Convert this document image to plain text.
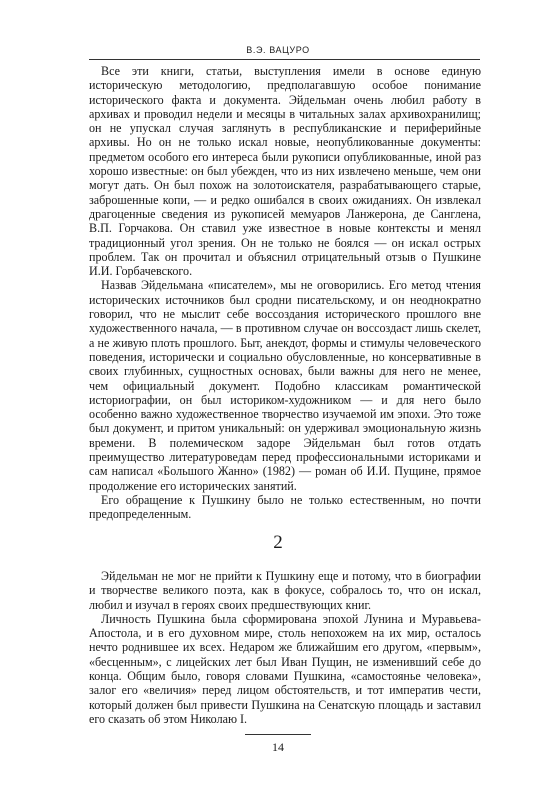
В.Э. ВАЦУРО

Все эти книги, статьи, выступления имели в основе единую историческую методологию, предполагавшую особое понимание исторического факта и документа. Эйдельман очень любил работу в архивах и проводил недели и месяцы в читальных залах архивохранилищ; он не упускал случая заглянуть в республиканские и периферийные архивы. Но он не только искал новые, неопубликованные документы: предметом особого его интереса были рукописи опубликованные, иной раз хорошо известные: он был убежден, что из них извлечено меньше, чем они могут дать. Он был похож на золотоискателя, разрабатывающего старые, заброшенные копи, — и редко ошибался в своих ожиданиях. Он извлекал драгоценные сведения из рукописей мемуаров Ланжерона, де Санглена, В.П. Горчакова. Он ставил уже известное в новые контексты и менял традиционный угол зрения. Он не только не боялся — он искал острых проблем. Так он прочитал и объяснил отрицательный отзыв о Пушкине И.И. Горбачевского.

Назвав Эйдельмана «писателем», мы не оговорились. Его метод чтения исторических источников был сродни писательскому, и он неоднократно говорил, что не мыслит себе воссоздания исторического прошлого вне художественного начала, — в противном случае он воссоздаст лишь скелет, а не живую плоть прошлого. Быт, анекдот, формы и стимулы человеческого поведения, исторически и социально обусловленные, но консервативные в своих глубинных, сущностных основах, были важны для него не менее, чем официальный документ. Подобно классикам романтической историографии, он был историком-художником — и для него было особенно важно художественное творчество изучаемой им эпохи. Это тоже был документ, и притом уникальный: он удерживал эмоциональную жизнь времени. В полемическом задоре Эйдельман был готов отдать преимущество литературоведам перед профессиональными историками и сам написал «Большого Жанно» (1982) — роман об И.И. Пущине, прямое продолжение его исторических занятий.

Его обращение к Пушкину было не только естественным, но почти предопределенным.

2

Эйдельман не мог не прийти к Пушкину еще и потому, что в биографии и творчестве великого поэта, как в фокусе, собралось то, что он искал, любил и изучал в героях своих предшествующих книг.

Личность Пушкина была сформирована эпохой Лунина и Муравьева-Апостола, и в его духовном мире, столь непохожем на их мир, осталось нечто роднившее их всех. Недаром же ближайшим его другом, «первым», «бесценным», с лицейских лет был Иван Пущин, не изменивший себе до конца. Общим было, говоря словами Пушкина, «самостоянье человека», залог его «величия» перед лицом обстоятельств, и тот императив чести, который должен был привести Пушкина на Сенатскую площадь и заставил его сказать об этом Николаю I.

14
